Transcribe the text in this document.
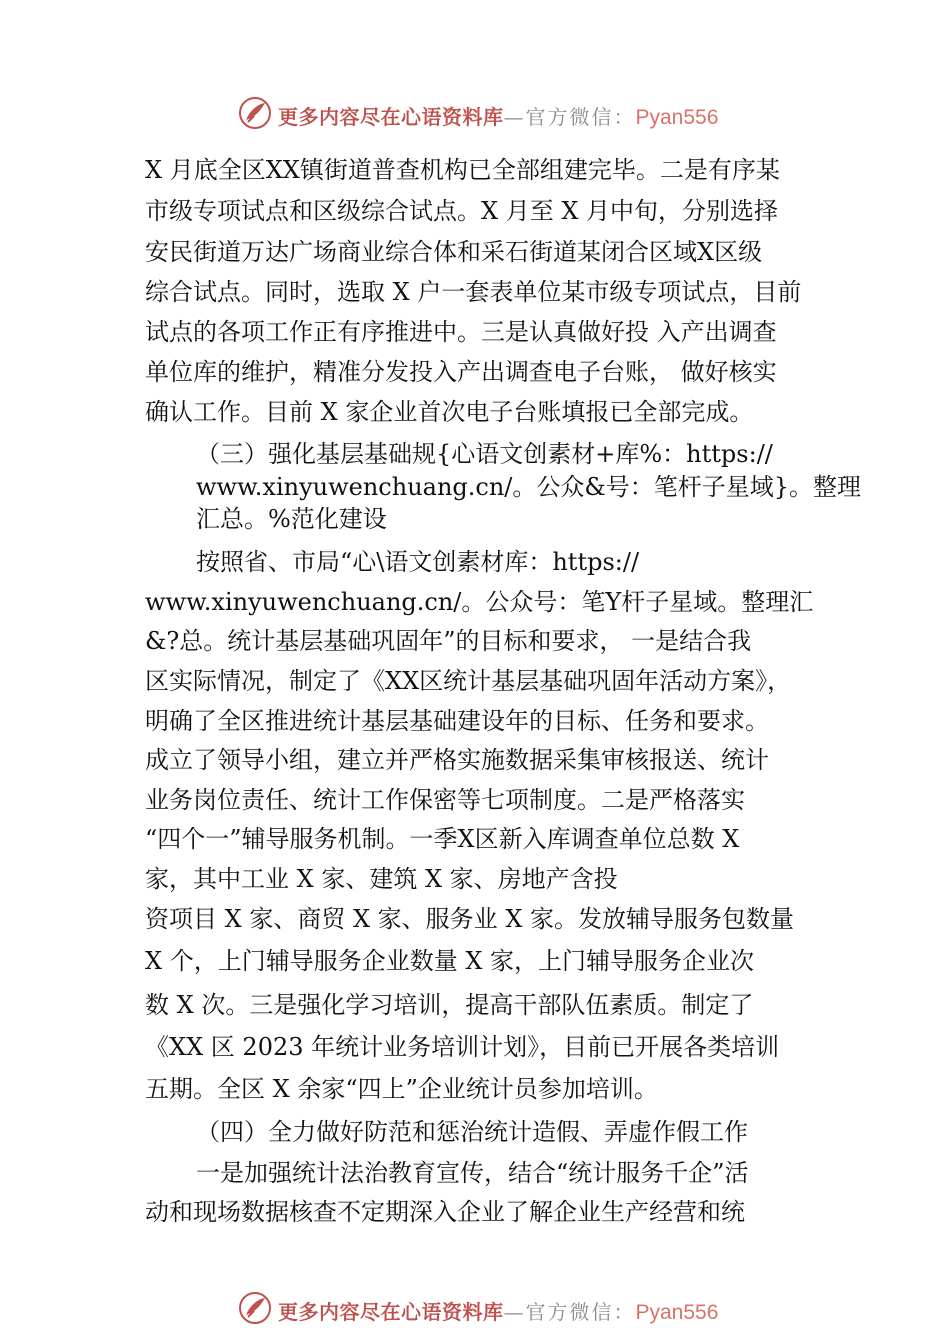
更多内容尽在心语资料库—官方微信：Pyan556
X 月底全区XX镇街道普查机构已全部组建完毕。二是有序某
市级专项试点和区级综合试点。X 月至 X 月中旬，分别选择
安民街道万达广场商业综合体和采石街道某闭合区域X区级
综合试点。同时，选取 X 户一套表单位某市级专项试点，目前
试点的各项工作正有序推进中。三是认真做好投 入产出调查
单位库的维护，精准分发投入产出调查电子台账， 做好核实
确认工作。目前 X 家企业首次电子台账填报已全部完成。
（三）强化基层基础规{心语文创素材+库%：https://
www.xinyuwenchuang.cn/。公众&号：笔杆子星域}。整理
汇总。%范化建设
按照省、市局“心\语文创素材库：https://
www.xinyuwenchuang.cn/。公众号：笔Y杆子星域。整理汇
&?总。统计基层基础巩固年”的目标和要求， 一是结合我
区实际情况，制定了《XX区统计基层基础巩固年活动方案》，
明确了全区推进统计基层基础建设年的目标、任务和要求。
成立了领导小组，建立并严格实施数据采集审核报送、统计
业务岗位责任、统计工作保密等七项制度。二是严格落实
“四个一”辅导服务机制。一季X区新入库调查单位总数 X
家，其中工业 X 家、建筑 X 家、房地产含投
资项目 X 家、商贸 X 家、服务业 X 家。发放辅导服务包数量
X 个，上门辅导服务企业数量 X 家，上门辅导服务企业次
数 X 次。三是强化学习培训，提高干部队伍素质。制定了
《XX 区 2023 年统计业务培训计划》，目前已开展各类培训
五期。全区 X 余家“四上”企业统计员参加培训。
（四）全力做好防范和惩治统计造假、弄虚作假工作
一是加强统计法治教育宣传，结合“统计服务千企”活
动和现场数据核查不定期深入企业了解企业生产经营和统
更多内容尽在心语资料库—官方微信：Pyan556
